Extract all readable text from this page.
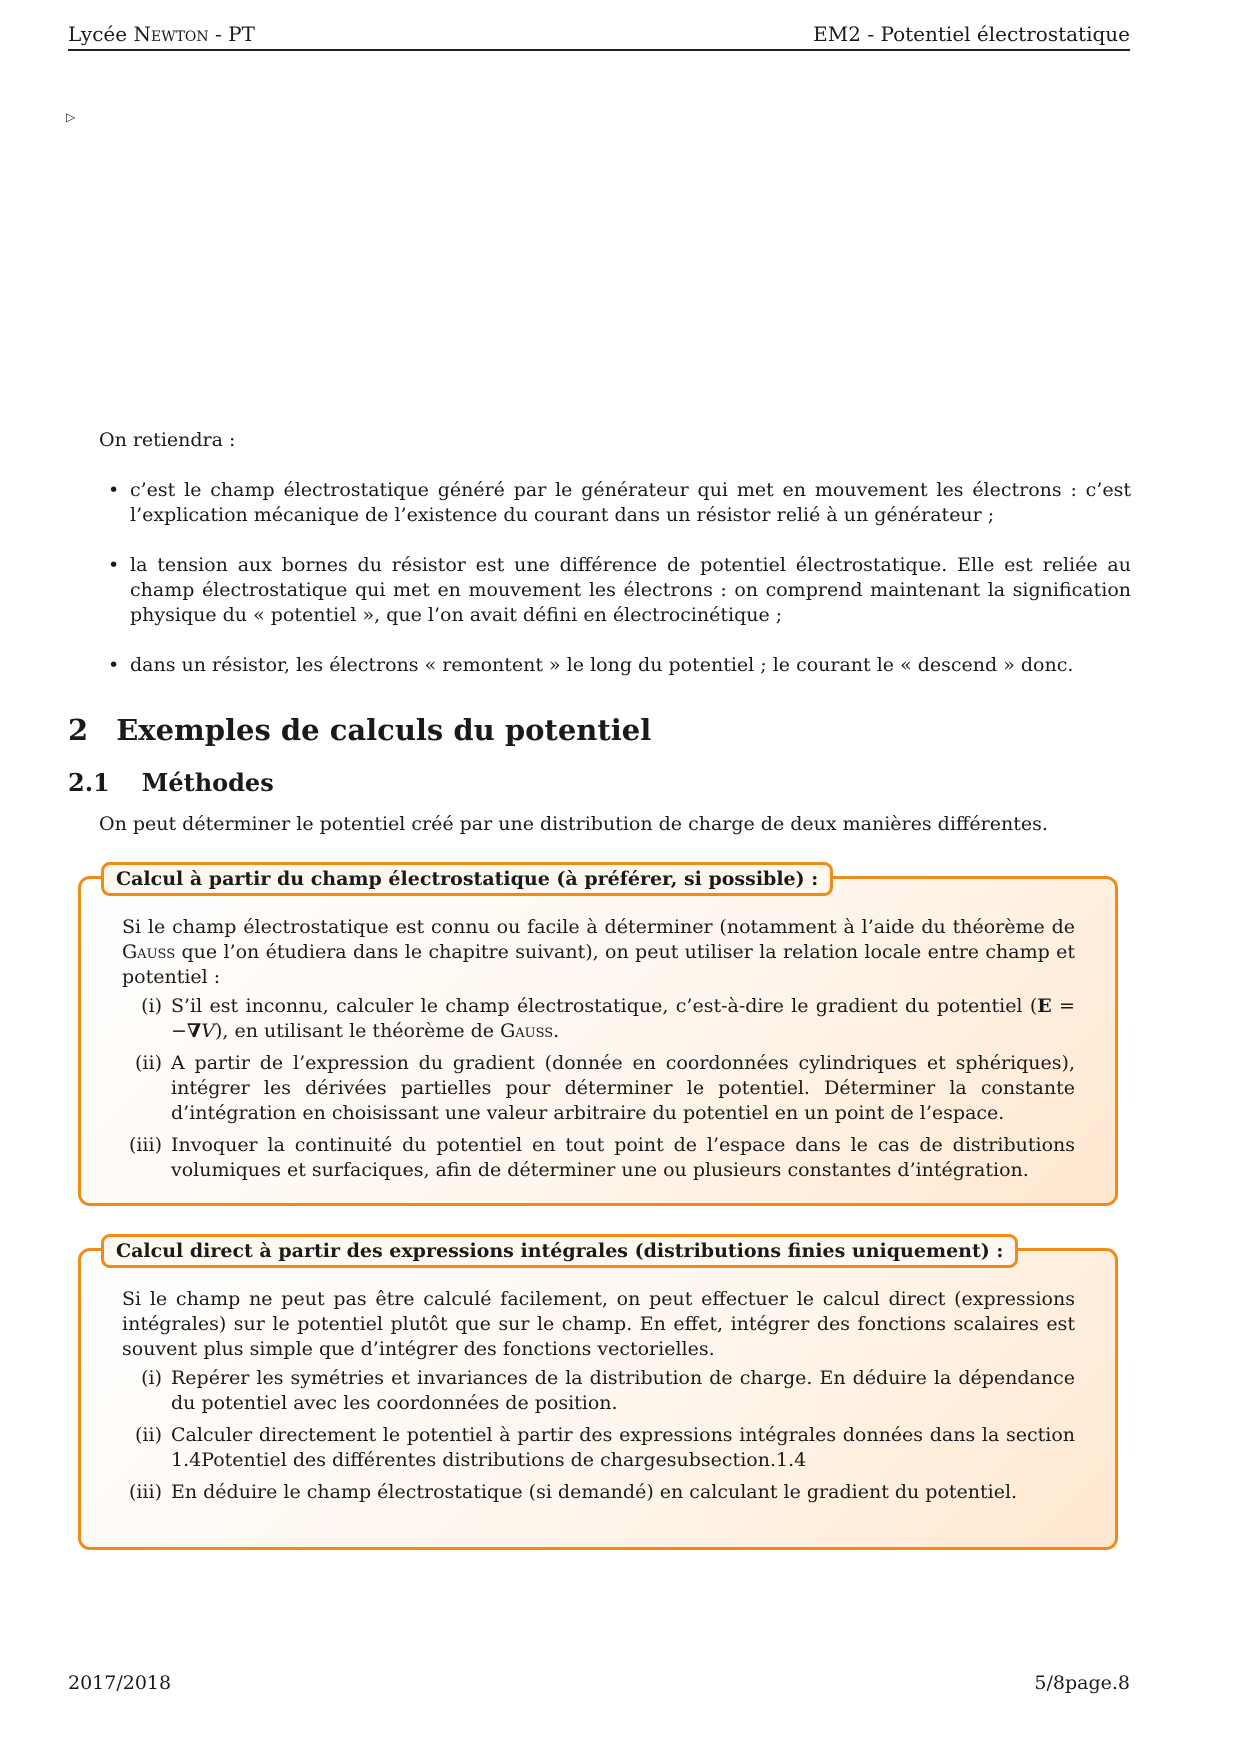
Lycée Newton - PT	EM2 - Potentiel électrostatique
▷
On retiendra :
• c’est le champ électrostatique généré par le générateur qui met en mouvement les électrons : c’est l’explication mécanique de l’existence du courant dans un résistor relié à un générateur ;
• la tension aux bornes du résistor est une différence de potentiel électrostatique. Elle est reliée au champ électrostatique qui met en mouvement les électrons : on comprend maintenant la signification physique du « potentiel », que l’on avait défini en électrocinétique ;
• dans un résistor, les électrons « remontent » le long du potentiel ; le courant le « descend » donc.
2 Exemples de calculs du potentiel
2.1 Méthodes
On peut déterminer le potentiel créé par une distribution de charge de deux manières différentes.
Calcul à partir du champ électrostatique (à préférer, si possible) :

Si le champ électrostatique est connu ou facile à déterminer (notamment à l’aide du théorème de Gauss que l’on étudiera dans le chapitre suivant), on peut utiliser la relation locale entre champ et potentiel :

(i) S’il est inconnu, calculer le champ électrostatique, c’est-à-dire le gradient du potentiel (E = −∇V), en utilisant le théorème de Gauss.
(ii) A partir de l’expression du gradient (donnée en coordonnées cylindriques et sphériques), intégrer les dérivées partielles pour déterminer le potentiel. Déterminer la constante d’intégration en choisissant une valeur arbitraire du potentiel en un point de l’espace.
(iii) Invoquer la continuité du potentiel en tout point de l’espace dans le cas de distributions volumiques et surfaciques, afin de déterminer une ou plusieurs constantes d’intégration.
Calcul direct à partir des expressions intégrales (distributions finies uniquement) :

Si le champ ne peut pas être calculé facilement, on peut effectuer le calcul direct (expressions intégrales) sur le potentiel plutôt que sur le champ. En effet, intégrer des fonctions scalaires est souvent plus simple que d’intégrer des fonctions vectorielles.

(i) Repérer les symétries et invariances de la distribution de charge. En déduire la dépendance du potentiel avec les coordonnées de position.
(ii) Calculer directement le potentiel à partir des expressions intégrales données dans la section 1.4Potentiel des différentes distributions de chargesubsection.1.4
(iii) En déduire le champ électrostatique (si demandé) en calculant le gradient du potentiel.
2017/2018	5/8page.8
